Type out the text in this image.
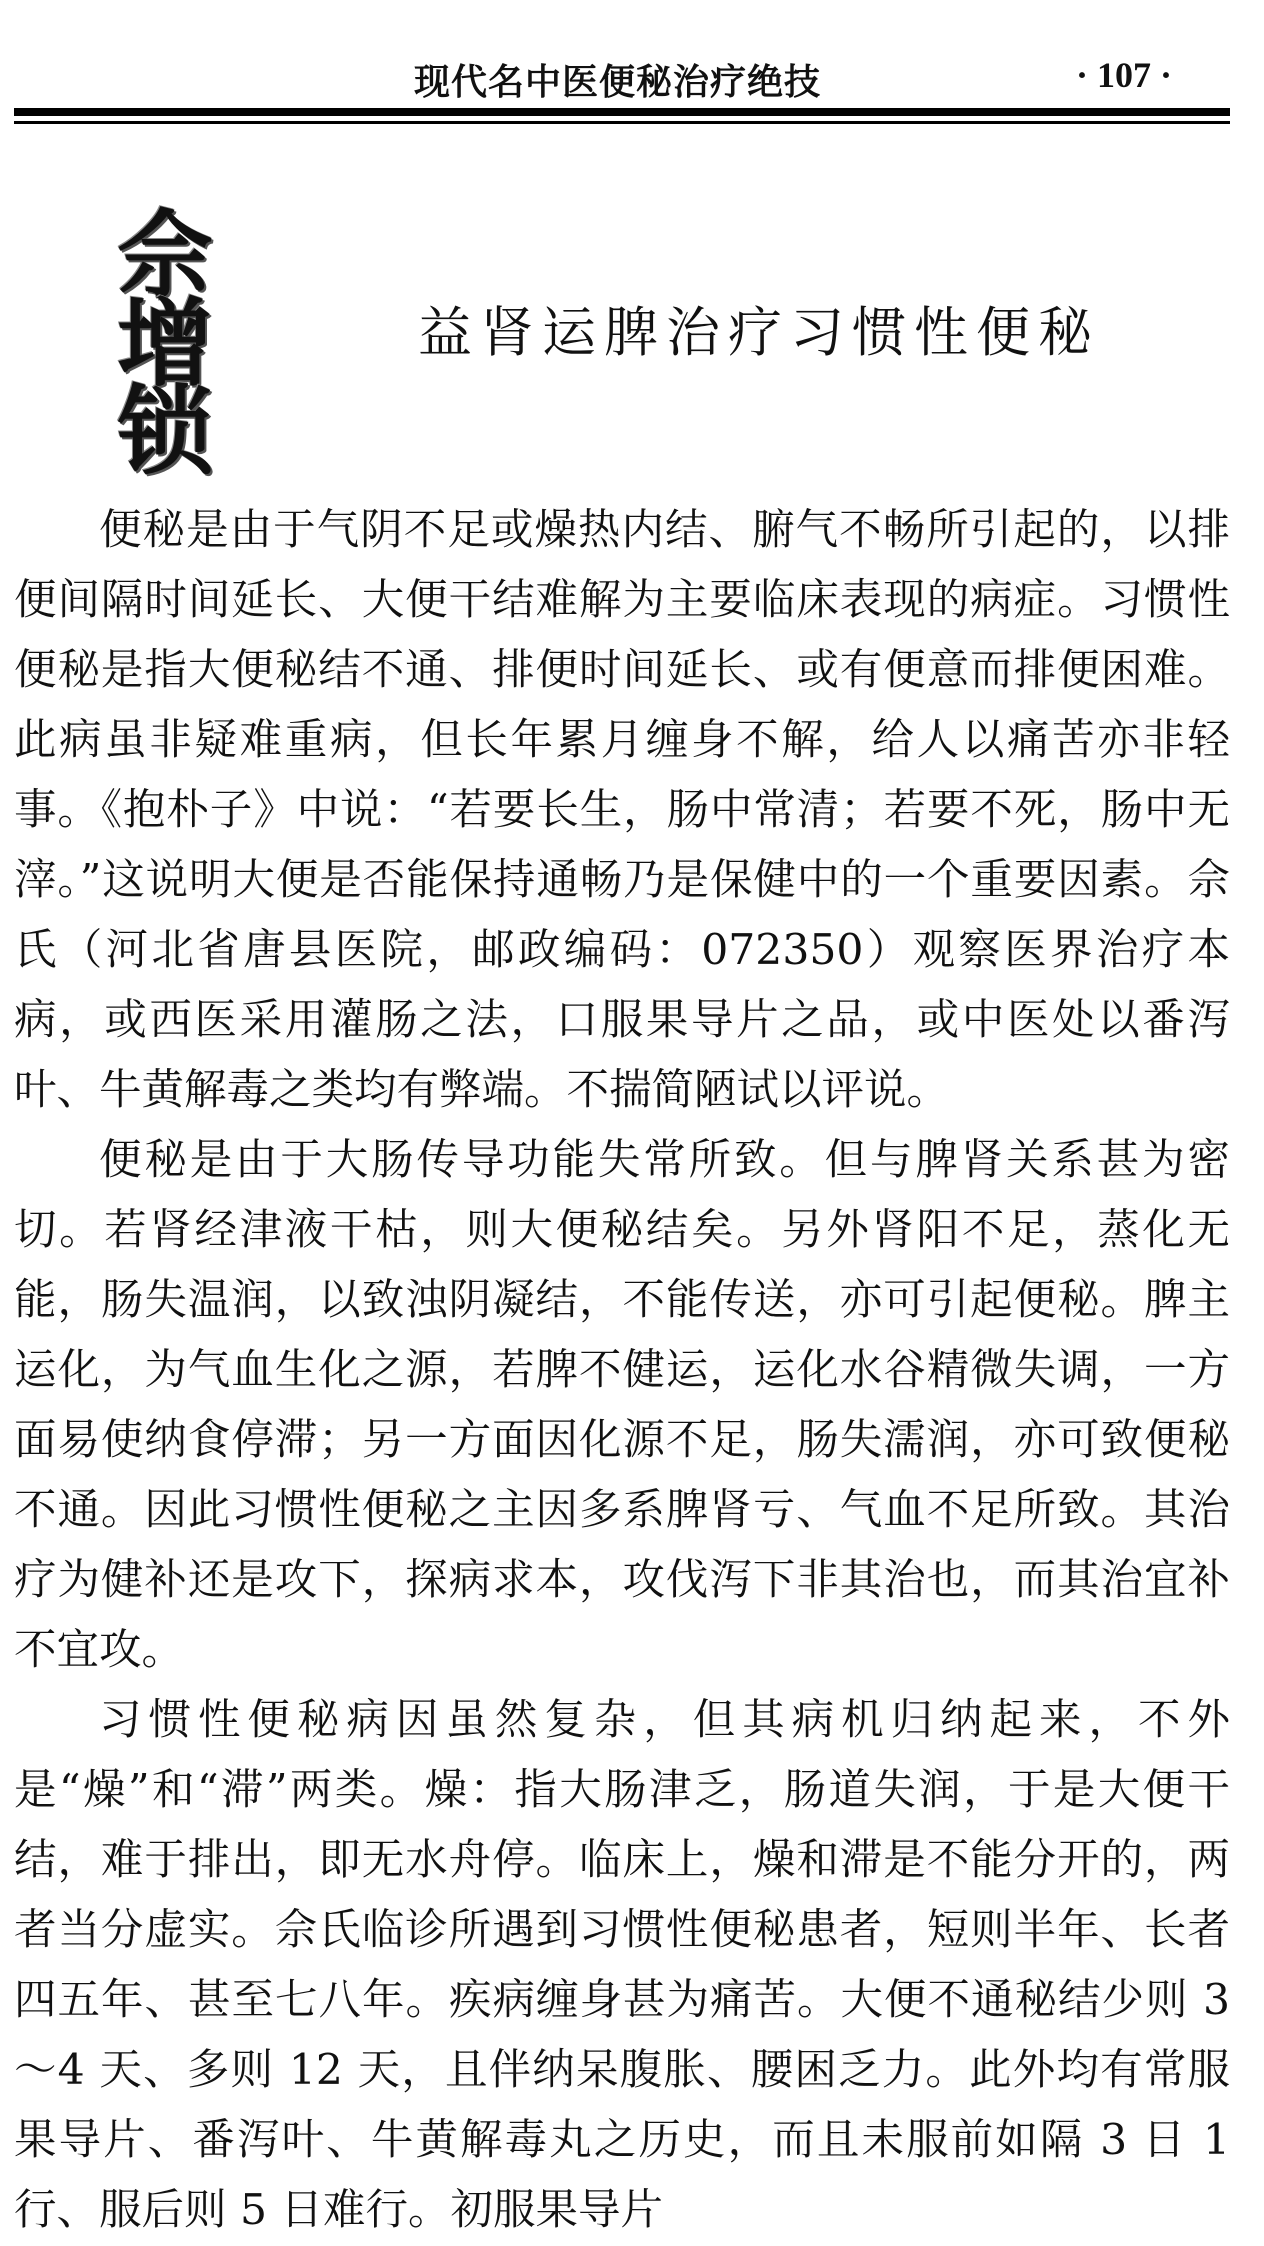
现代名中医便秘治疗绝技	· 107 ·
佘
增
锁
益肾运脾治疗习惯性便秘

便秘是由于气阴不足或燥热内结、腑气不畅所引起的，以排便间隔时间延长、大便干结难解为主要临床表现的病症。习惯性便秘是指大便秘结不通、排便时间延长、或有便意而排便困难。此病虽非疑难重病，但长年累月缠身不解，给人以痛苦亦非轻事。《抱朴子》中说：“若要长生，肠中常清；若要不死，肠中无滓。”这说明大便是否能保持通畅乃是保健中的一个重要因素。佘氏（河北省唐县医院，邮政编码：072350）观察医界治疗本病，或西医采用灌肠之法，口服果导片之品，或中医处以番泻叶、牛黄解毒之类均有弊端。不揣简陋试以评说。

便秘是由于大肠传导功能失常所致。但与脾肾关系甚为密切。若肾经津液干枯，则大便秘结矣。另外肾阳不足，蒸化无能，肠失温润，以致浊阴凝结，不能传送，亦可引起便秘。脾主运化，为气血生化之源，若脾不健运，运化水谷精微失调，一方面易使纳食停滞；另一方面因化源不足，肠失濡润，亦可致便秘不通。因此习惯性便秘之主因多系脾肾亏、气血不足所致。其治疗为健补还是攻下，探病求本，攻伐泻下非其治也，而其治宜补不宜攻。

习惯性便秘病因虽然复杂，但其病机归纳起来，不外是“燥”和“滞”两类。燥：指大肠津乏，肠道失润，于是大便干结，难于排出，即无水舟停。临床上，燥和滞是不能分开的，两者当分虚实。佘氏临诊所遇到习惯性便秘患者，短则半年、长者四五年、甚至七八年。疾病缠身甚为痛苦。大便不通秘结少则 3～4 天、多则 12 天，且伴纳呆腹胀、腰困乏力。此外均有常服果导片、番泻叶、牛黄解毒丸之历史，而且未服前如隔 3 日 1 行、服后则 5 日难行。初服果导片
